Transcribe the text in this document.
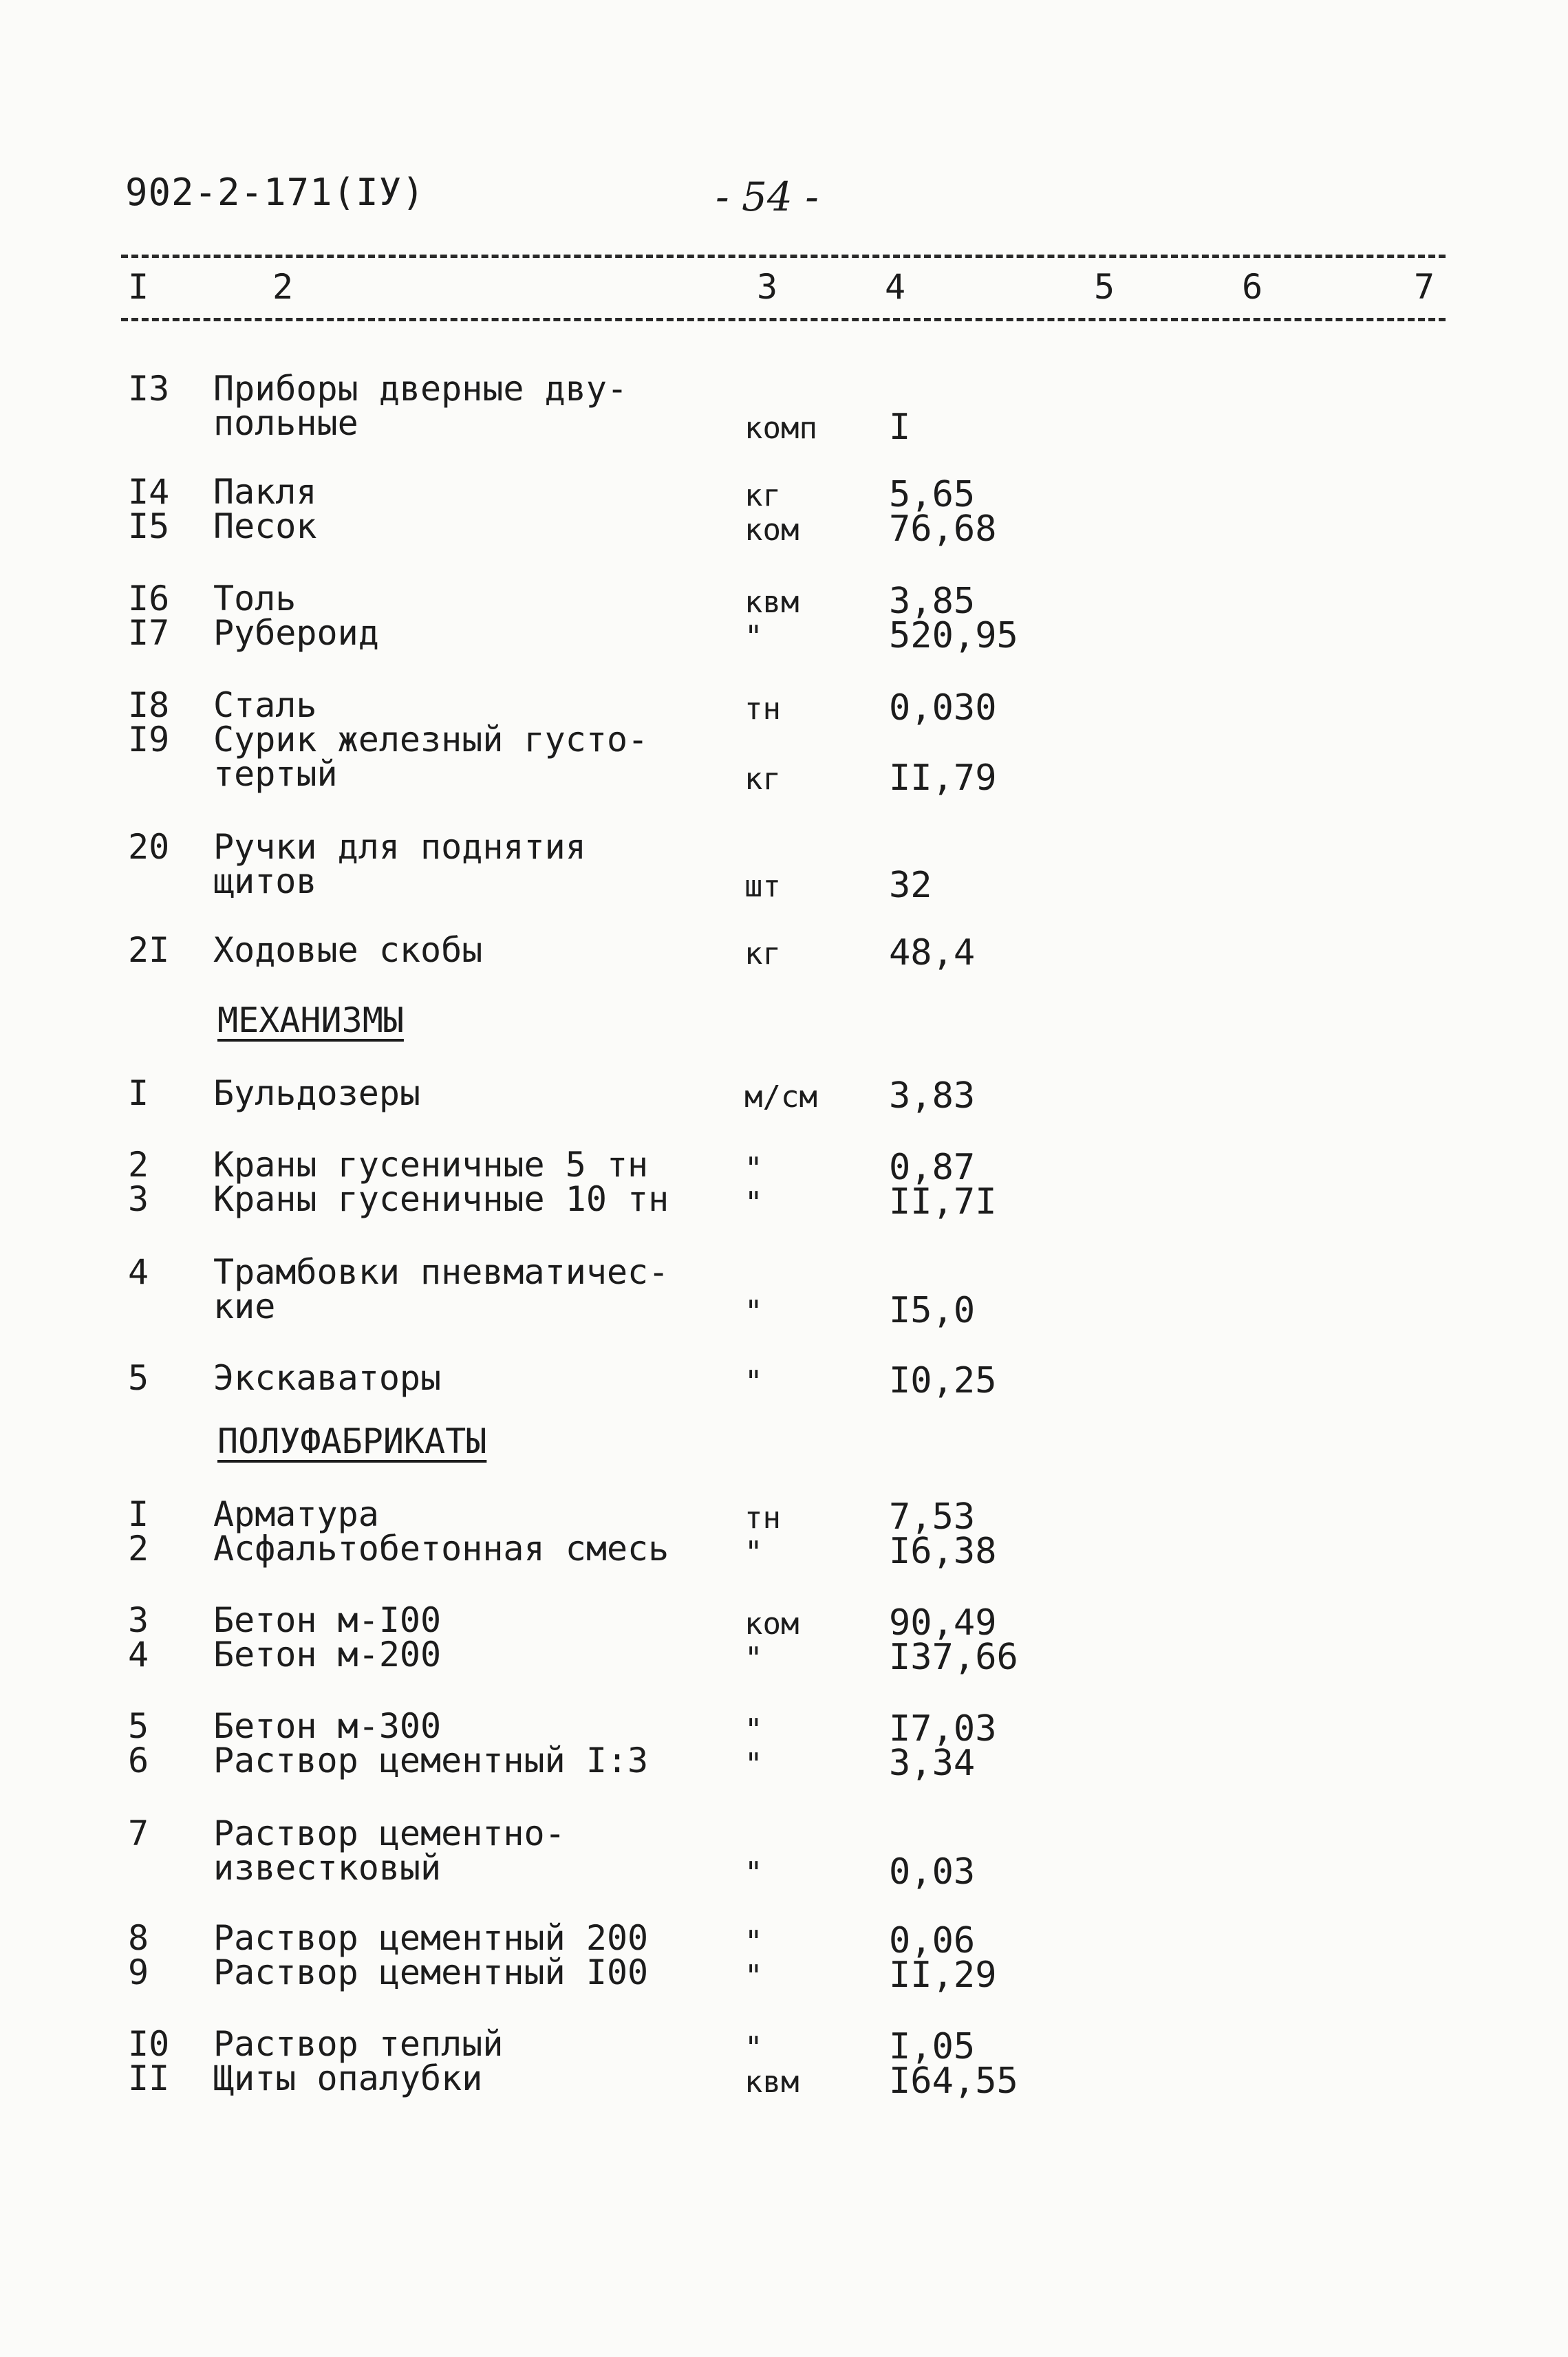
902-2-171(IУ)	- 54 -
I	2	3	4	5	6	7
I3 Приборы дверные дву-
польные	комп I
I4 Пакля	кг	5,65
I5 Песок	ком	76,68
I6 Толь	квм	3,85
I7 Рубероид	"	520,95
I8 Сталь	тн	0,030
I9 Сурик железный густо-
тертый	кг	II,79
20 Ручки для поднятия
щитов	шт	32
2I Ходовые скобы	кг	48,4
МЕХАНИЗМЫ
I Бульдозеры	м/см 3,83
2 Краны гусеничные 5 тн	"	0,87
3 Краны гусеничные 10 тн "	II,7I
4 Трамбовки пневматичес-
кие	"	I5,0
5 Экскаваторы	"	I0,25
ПОЛУФАБРИКАТЫ
I Арматура	тн	7,53
2 Асфальтобетонная смесь "	I6,38
3 Бетон м-I00	ком	90,49
4 Бетон м-200	"	I37,66
5 Бетон м-300	"	I7,03
6 Раствор цементный I:3	"	3,34
7 Раствор цементно-
известковый	"	0,03
8 Раствор цементный 200	"	0,06
9 Раствор цементный I00	"	II,29
I0 Раствор теплый	"	I,05
II Щиты опалубки	квм	I64,55
